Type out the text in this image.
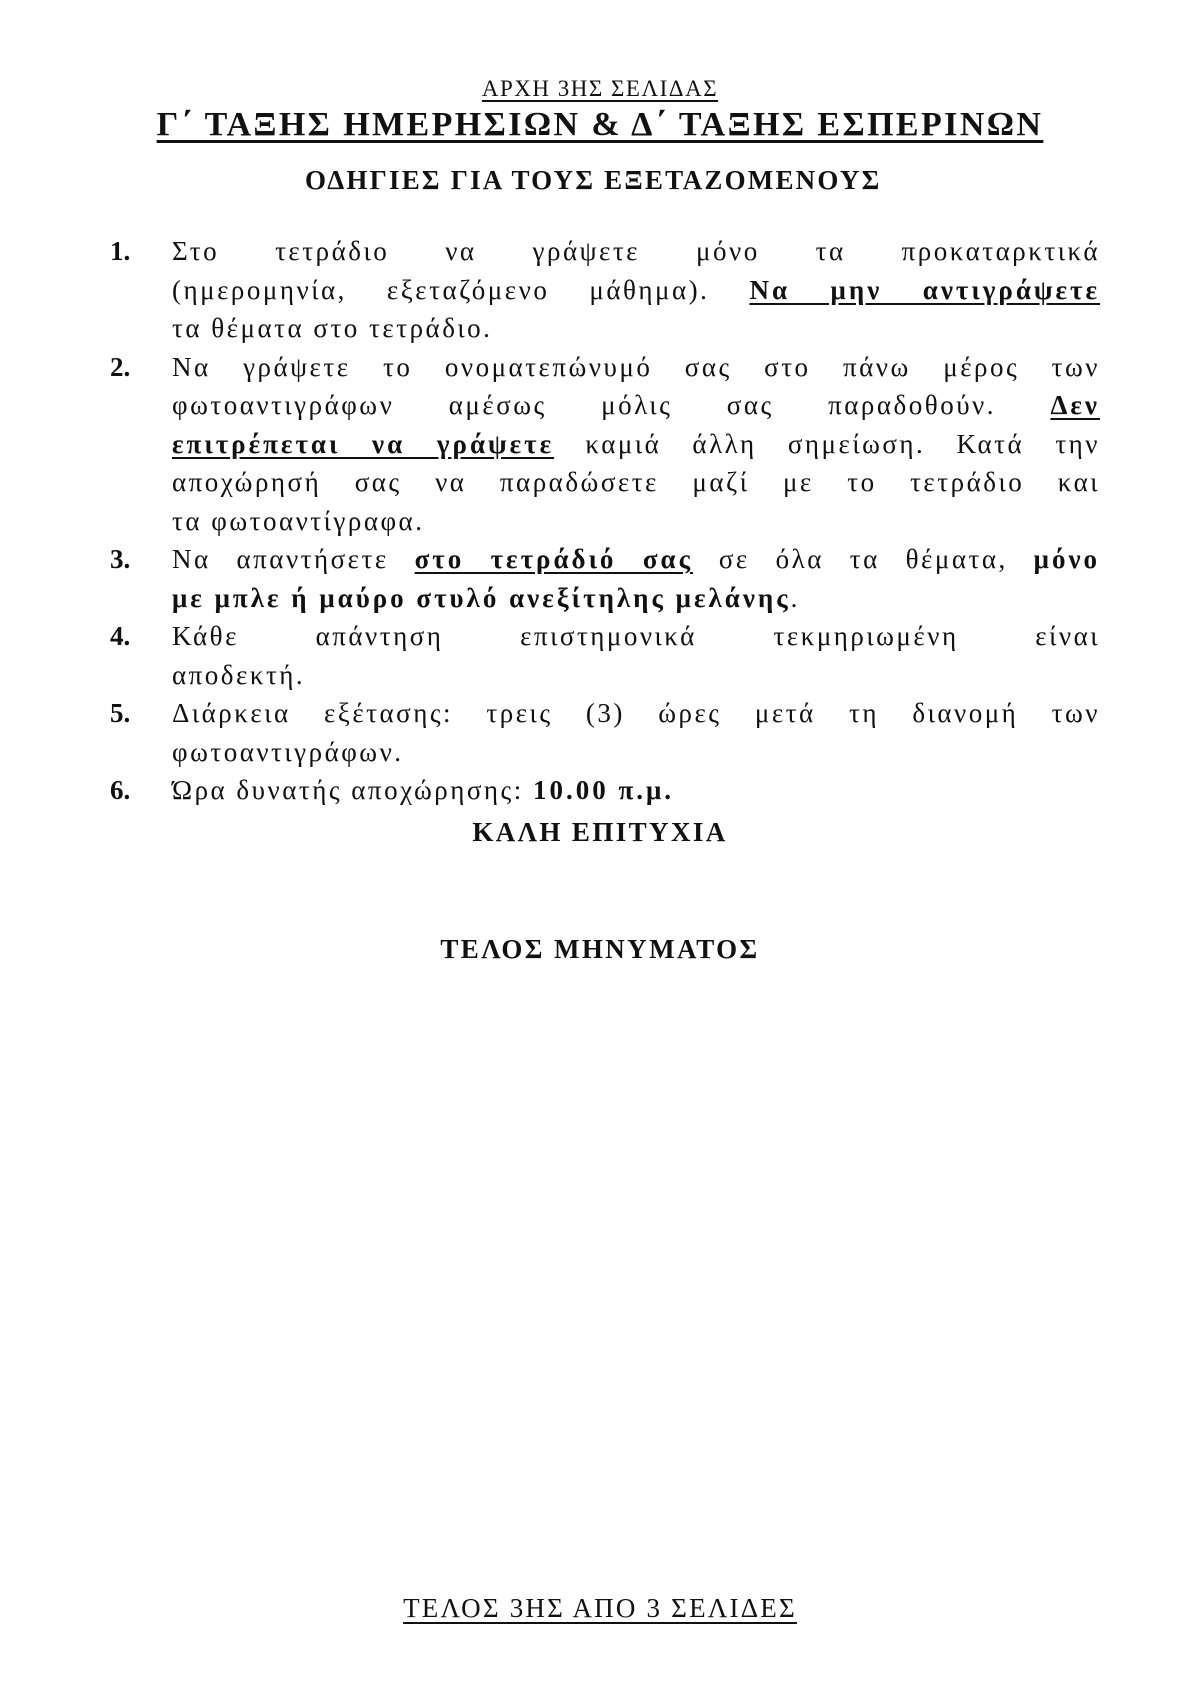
ΑΡΧΗ 3ΗΣ ΣΕΛΙΔΑΣ
Γ΄ ΤΑΞΗΣ ΗΜΕΡΗΣΙΩΝ & Δ΄ ΤΑΞΗΣ ΕΣΠΕΡΙΝΩΝ
ΟΔΗΓΙΕΣ ΓΙΑ ΤΟΥΣ ΕΞΕΤΑΖΟΜΕΝΟΥΣ
1. Στο τετράδιο να γράψετε μόνο τα προκαταρκτικά
(ημερομηνία, εξεταζόμενο μάθημα). Να μην αντιγράψετε
τα θέματα στο τετράδιο.
2. Να γράψετε το ονοματεπώνυμό σας στο πάνω μέρος των
φωτοαντιγράφων αμέσως μόλις σας παραδοθούν. Δεν
επιτρέπεται να γράψετε καμιά άλλη σημείωση. Κατά την
αποχώρησή σας να παραδώσετε μαζί με το τετράδιο και
τα φωτοαντίγραφα.
3. Να απαντήσετε στο τετράδιό σας σε όλα τα θέματα, μόνο
με μπλε ή μαύρο στυλό ανεξίτηλης μελάνης.
4. Κάθε απάντηση επιστημονικά τεκμηριωμένη είναι
αποδεκτή.
5. Διάρκεια εξέτασης: τρεις (3) ώρες μετά τη διανομή των
φωτοαντιγράφων.
6. Ώρα δυνατής αποχώρησης: 10.00 π.μ.
ΚΑΛΗ ΕΠΙΤΥΧΙΑ
ΤΕΛΟΣ ΜΗΝΥΜΑΤΟΣ
ΤΕΛΟΣ 3ΗΣ ΑΠΟ 3 ΣΕΛΙΔΕΣ
